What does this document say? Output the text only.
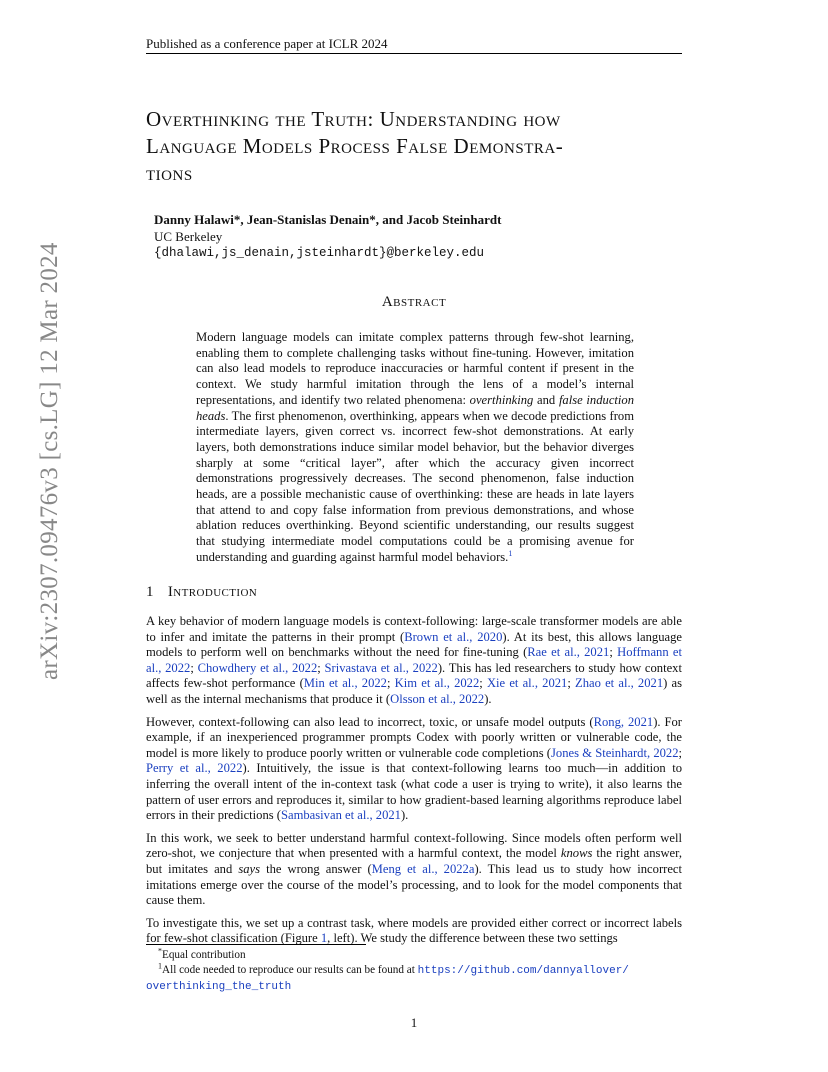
Published as a conference paper at ICLR 2024
arXiv:2307.09476v3 [cs.LG] 12 Mar 2024
Overthinking the Truth: Understanding how
Language Models Process False Demonstra-
tions
Danny Halawi*, Jean-Stanislas Denain*, and Jacob Steinhardt
UC Berkeley
{dhalawi,js_denain,jsteinhardt}@berkeley.edu
Abstract
Modern language models can imitate complex patterns through few-shot learning, enabling them to complete challenging tasks without fine-tuning. However, imitation can also lead models to reproduce inaccuracies or harmful content if present in the context. We study harmful imitation through the lens of a model’s internal representations, and identify two related phenomena: overthinking and false induction heads. The first phenomenon, overthinking, appears when we decode predictions from intermediate layers, given correct vs. incorrect few-shot demonstrations. At early layers, both demonstrations induce similar model behavior, but the behavior diverges sharply at some “critical layer”, after which the accuracy given incorrect demonstrations progressively decreases. The second phenomenon, false induction heads, are a possible mechanistic cause of overthinking: these are heads in late layers that attend to and copy false information from previous demonstrations, and whose ablation reduces overthinking. Beyond scientific understanding, our results suggest that studying intermediate model computations could be a promising avenue for understanding and guarding against harmful model behaviors.$^1$
1 Introduction

A key behavior of modern language models is context-following: large-scale transformer models are able to infer and imitate the patterns in their prompt (Brown et al., 2020). At its best, this allows language models to perform well on benchmarks without the need for fine-tuning (Rae et al., 2021; Hoffmann et al., 2022; Chowdhery et al., 2022; Srivastava et al., 2022). This has led researchers to study how context affects few-shot performance (Min et al., 2022; Kim et al., 2022; Xie et al., 2021; Zhao et al., 2021) as well as the internal mechanisms that produce it (Olsson et al., 2022).

However, context-following can also lead to incorrect, toxic, or unsafe model outputs (Rong, 2021). For example, if an inexperienced programmer prompts Codex with poorly written or vulnerable code, the model is more likely to produce poorly written or vulnerable code completions (Jones & Steinhardt, 2022; Perry et al., 2022). Intuitively, the issue is that context-following learns too much—in addition to inferring the overall intent of the in-context task (what code a user is trying to write), it also learns the pattern of user errors and reproduces it, similar to how gradient-based learning algorithms reproduce label errors in their predictions (Sambasivan et al., 2021).

In this work, we seek to better understand harmful context-following. Since models often perform well zero-shot, we conjecture that when presented with a harmful context, the model knows the right answer, but imitates and says the wrong answer (Meng et al., 2022a). This lead us to study how incorrect imitations emerge over the course of the model’s processing, and to look for the model components that cause them.

To investigate this, we set up a contrast task, where models are provided either correct or incorrect labels for few-shot classification (Figure 1, left). We study the difference between these two settings

*Equal contribution
$^1$All code needed to reproduce our results can be found at https://github.com/dannyallover/
overthinking_the_truth
1
